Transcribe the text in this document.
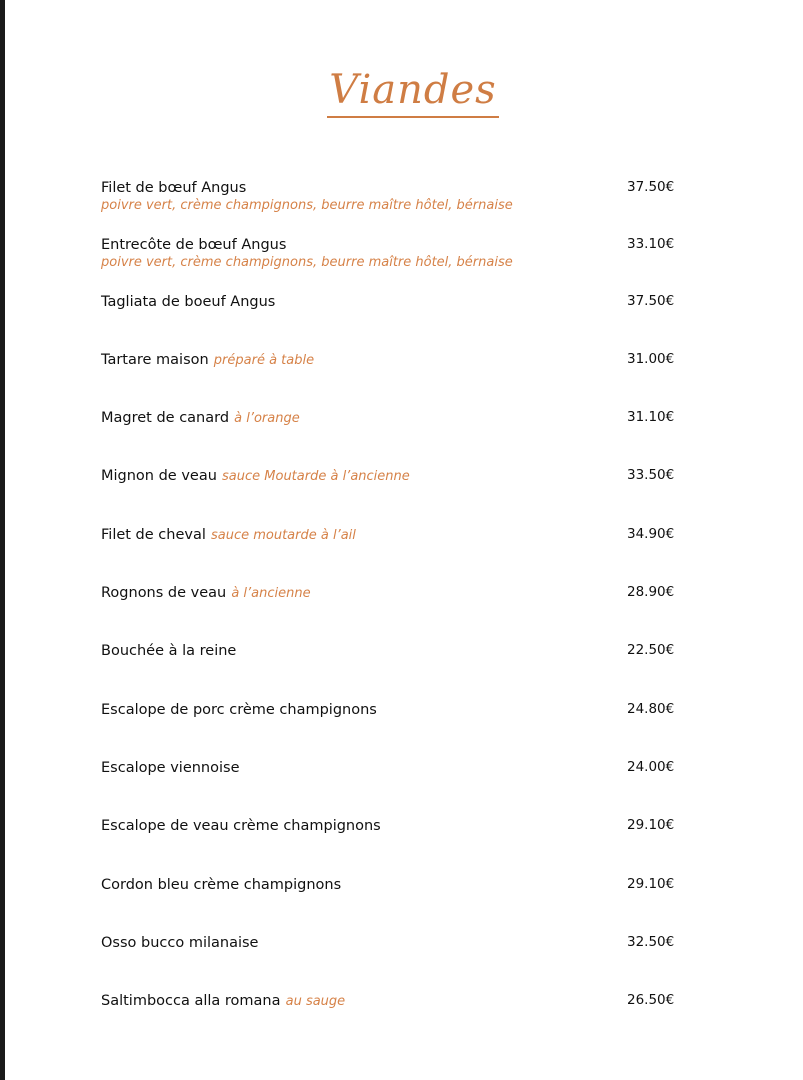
Viandes
Filet de bœuf Angus	37.50€
poivre vert, crème champignons, beurre maître hôtel, bérnaise
Entrecôte de bœuf Angus	33.10€
poivre vert, crème champignons, beurre maître hôtel, bérnaise
Tagliata de boeuf Angus	37.50€
Tartare maison préparé à table	31.00€
Magret de canard à l’orange	31.10€
Mignon de veau sauce Moutarde à l’ancienne	33.50€
Filet de cheval sauce moutarde à l’ail	34.90€
Rognons de veau à l’ancienne	28.90€
Bouchée à la reine	22.50€
Escalope de porc crème champignons	24.80€
Escalope viennoise	24.00€
Escalope de veau crème champignons	29.10€
Cordon bleu crème champignons	29.10€
Osso bucco milanaise	32.50€
Saltimbocca alla romana au sauge	26.50€
